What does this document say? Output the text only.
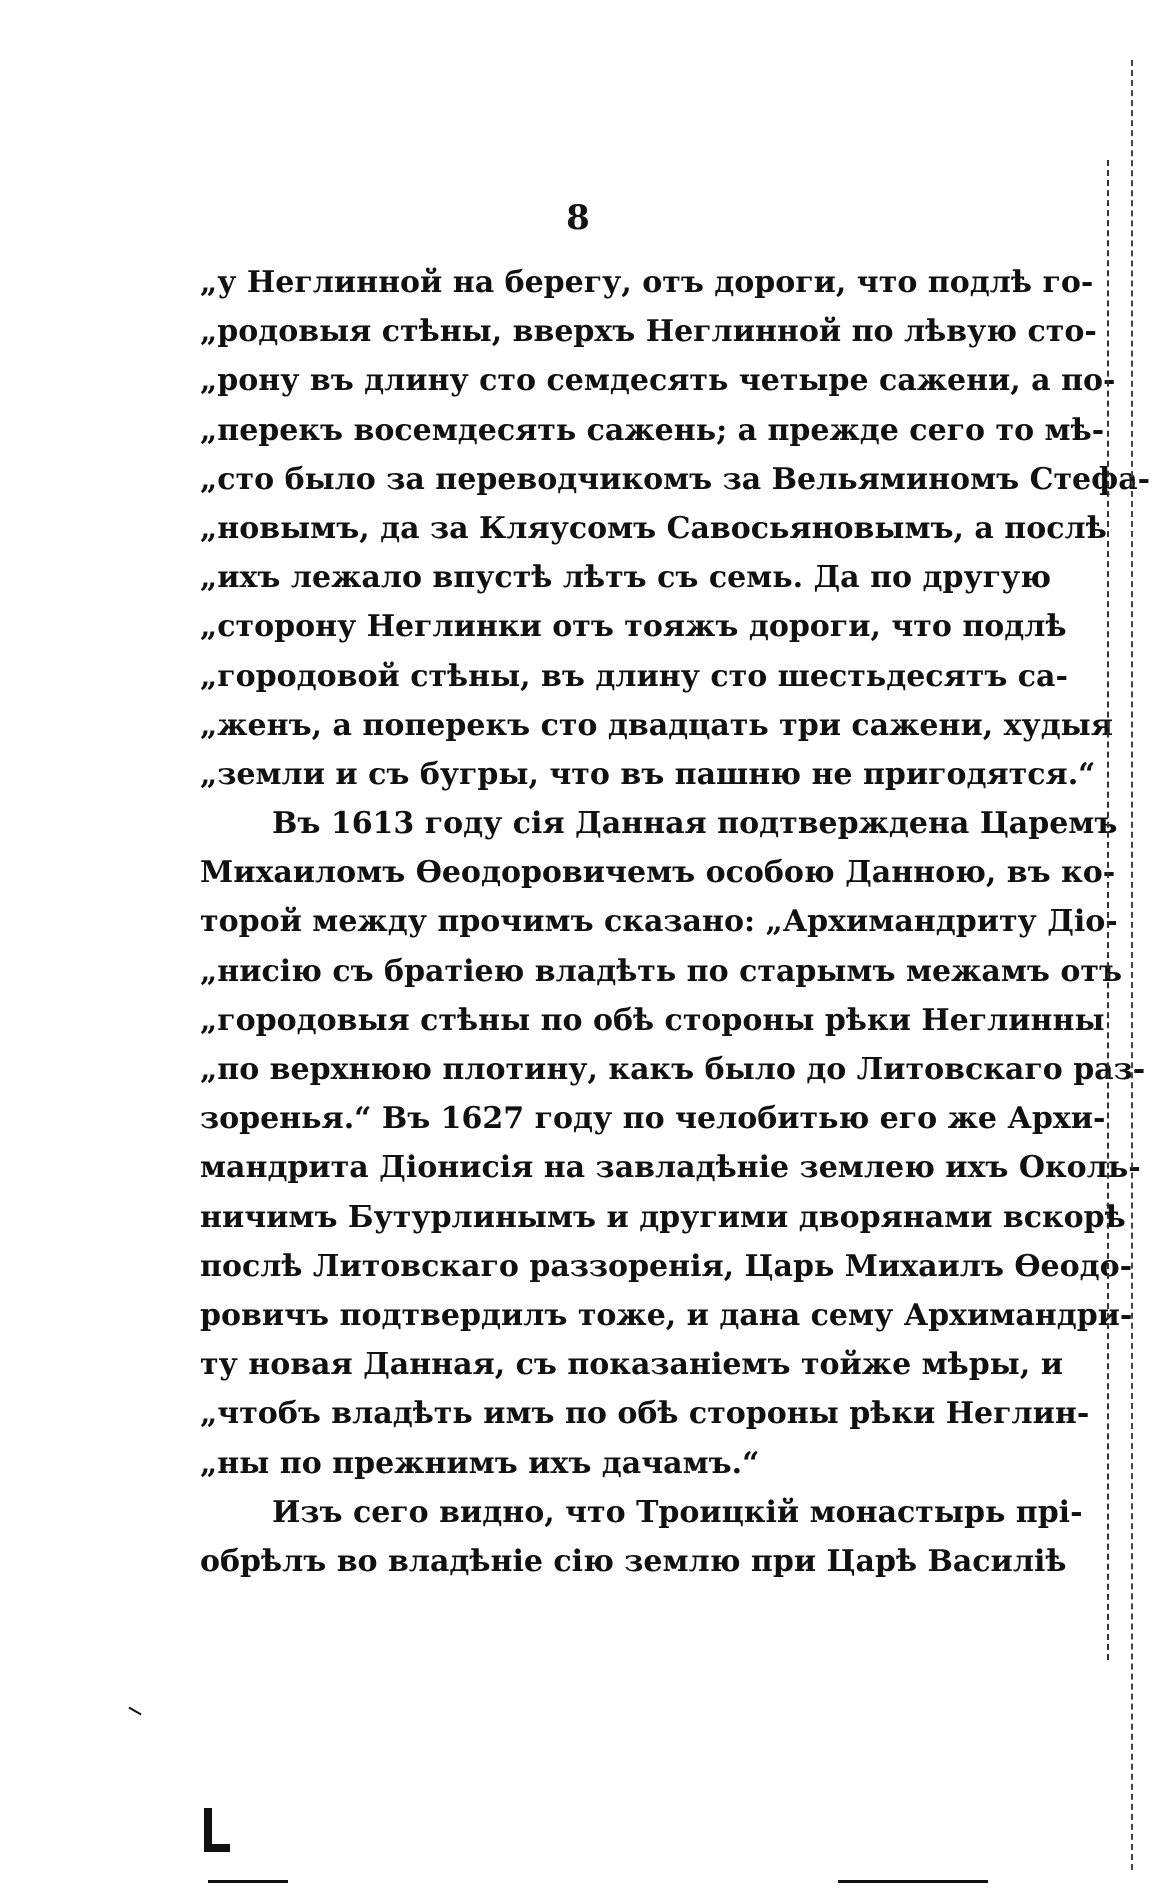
8
„у Неглинной на берегу, отъ дороги, что подлѣ го-
„родовыя стѣны, вверхъ Неглинной по лѣвую сто-
„рону въ длину сто семдесять четыре сажени, а по-
„перекъ восемдесять сажень; а прежде сего то мѣ-
„сто было за переводчикомъ за Вельяминомъ Стефа-
„новымъ, да за Кляусомъ Савосьяновымъ, а послѣ
„ихъ лежало впустѣ лѣтъ съ семь. Да по другую
„сторону Неглинки отъ тояжъ дороги, что подлѣ
„городовой стѣны, въ длину сто шестьдесятъ са-
„женъ, а поперекъ сто двадцать три сажени, худыя
„земли и съ бугры, что въ пашню не пригодятся.“
Въ 1613 году сія Данная подтверждена Царемъ
Михаиломъ Ѳеодоровичемъ особою Данною, въ ко-
торой между прочимъ сказано: „Архимандриту Діо-
„нисію съ братіею владѣть по старымъ межамъ отъ
„городовыя стѣны по обѣ стороны рѣки Неглинны
„по верхнюю плотину, какъ было до Литовскаго раз-
зоренья.“ Въ 1627 году по челобитью его же Архи-
мандрита Діонисія на завладѣніе землею ихъ Околь-
ничимъ Бутурлинымъ и другими дворянами вскорѣ
послѣ Литовскаго раззоренія, Царь Михаилъ Ѳеодо-
ровичъ подтвердилъ тоже, и дана сему Архимандри-
ту новая Данная, съ показаніемъ тойже мѣры, и
„чтобъ владѣть имъ по обѣ стороны рѣки Неглин-
„ны по прежнимъ ихъ дачамъ.“
Изъ сего видно, что Троицкій монастырь прі-
обрѣлъ во владѣніе сію землю при Царѣ Василіѣ
